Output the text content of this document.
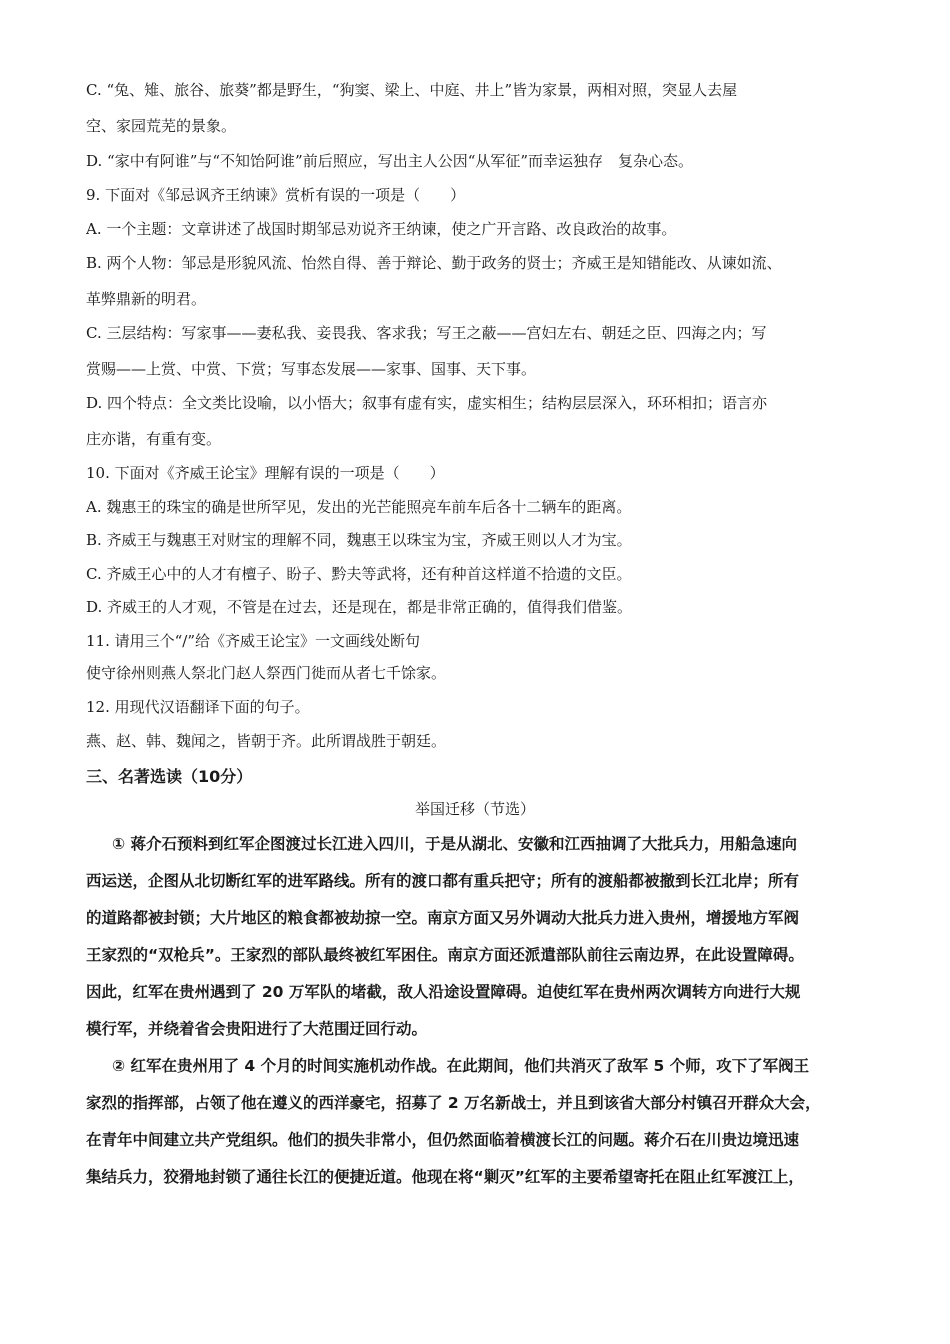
C. “兔、雉、旅谷、旅葵”都是野生，“狗窦、梁上、中庭、井上”皆为家景，两相对照，突显人去屋
空、家园荒芜的景象。
D. “家中有阿谁”与“不知饴阿谁”前后照应，写出主人公因“从军征”而幸运独存　复杂心态。
9. 下面对《邹忌讽齐王纳谏》赏析有误的一项是（　　）
A. 一个主题：文章讲述了战国时期邹忌劝说齐王纳谏，使之广开言路、改良政治的故事。
B. 两个人物：邹忌是形貌风流、怡然自得、善于辩论、勤于政务的贤士；齐威王是知错能改、从谏如流、
革弊鼎新的明君。
C. 三层结构：写家事——妻私我、妾畏我、客求我；写王之蔽——宫妇左右、朝廷之臣、四海之内；写
赏赐——上赏、中赏、下赏；写事态发展——家事、国事、天下事。
D. 四个特点：全文类比设喻，以小悟大；叙事有虚有实，虚实相生；结构层层深入，环环相扣；语言亦
庄亦谐，有重有变。
10. 下面对《齐威王论宝》理解有误的一项是（　　）
A. 魏惠王的珠宝的确是世所罕见，发出的光芒能照亮车前车后各十二辆车的距离。
B. 齐威王与魏惠王对财宝的理解不同，魏惠王以珠宝为宝，齐威王则以人才为宝。
C. 齐威王心中的人才有檀子、盼子、黔夫等武将，还有种首这样道不拾遗的文臣。
D. 齐威王的人才观，不管是在过去，还是现在，都是非常正确的，值得我们借鉴。
11. 请用三个“/”给《齐威王论宝》一文画线处断句
使守徐州则燕人祭北门赵人祭西门徙而从者七千馀家。
12. 用现代汉语翻译下面的句子。
燕、赵、韩、魏闻之，皆朝于齐。此所谓战胜于朝廷。
三、名著选读（10分）
举国迁移（节选）
① 蒋介石预料到红军企图渡过长江进入四川，于是从湖北、安徽和江西抽调了大批兵力，用船急速向
西运送，企图从北切断红军的进军路线。所有的渡口都有重兵把守；所有的渡船都被撤到长江北岸；所有
的道路都被封锁；大片地区的粮食都被劫掠一空。南京方面又另外调动大批兵力进入贵州，增援地方军阀
王家烈的“双枪兵”。王家烈的部队最终被红军困住。南京方面还派遣部队前往云南边界，在此设置障碍。
因此，红军在贵州遇到了 20 万军队的堵截，敌人沿途设置障碍。迫使红军在贵州两次调转方向进行大规
模行军，并绕着省会贵阳进行了大范围迂回行动。
② 红军在贵州用了 4 个月的时间实施机动作战。在此期间，他们共消灭了敌军 5 个师，攻下了军阀王
家烈的指挥部，占领了他在遵义的西洋豪宅，招募了 2 万名新战士，并且到该省大部分村镇召开群众大会，
在青年中间建立共产党组织。他们的损失非常小，但仍然面临着横渡长江的问题。蒋介石在川贵边境迅速
集结兵力，狡猾地封锁了通往长江的便捷近道。他现在将“剿灭”红军的主要希望寄托在阻止红军渡江上，
